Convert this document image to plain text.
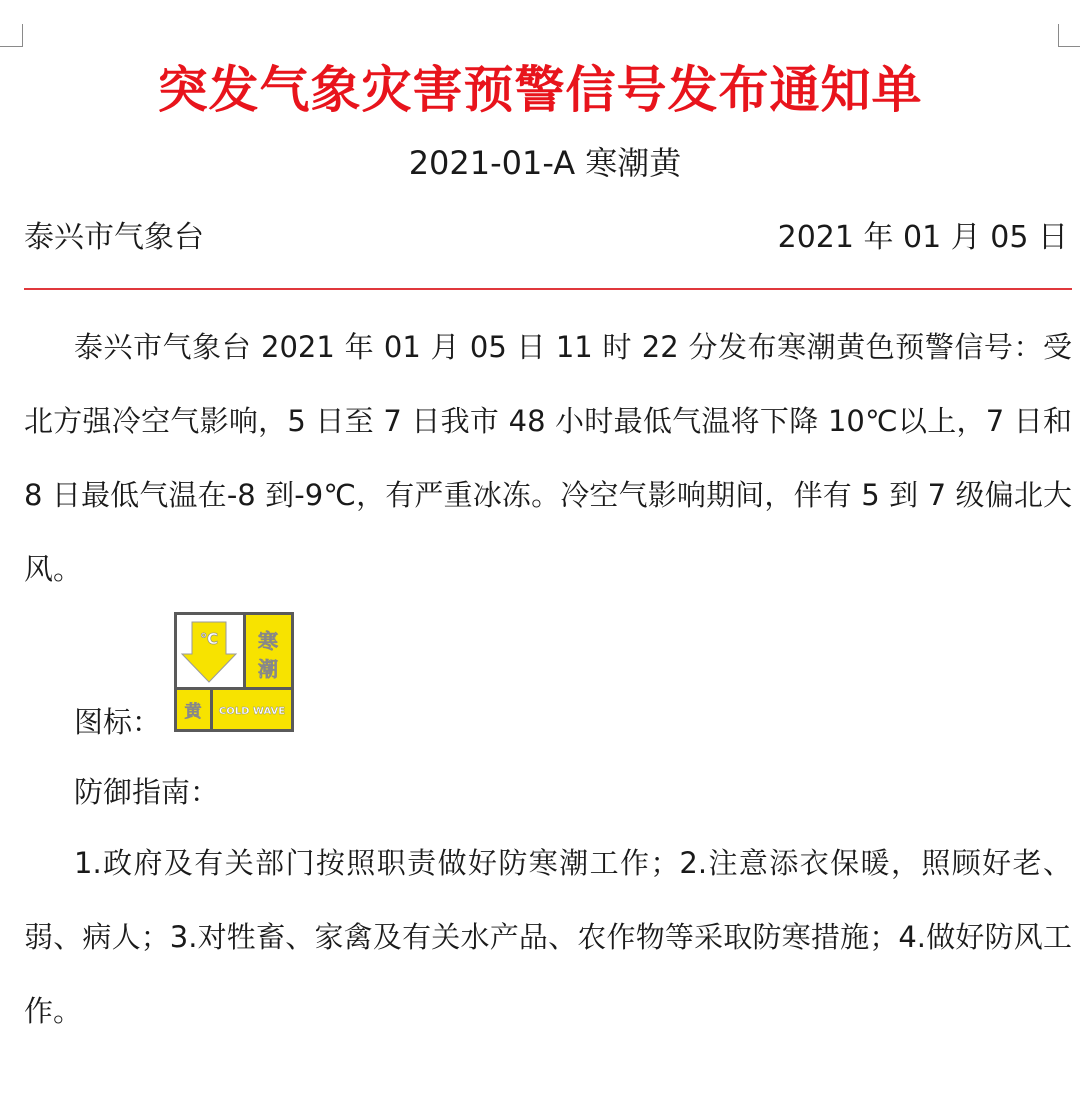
突发气象灾害预警信号发布通知单
2021-01-A 寒潮黄
泰兴市气象台	2021 年 01 月 05 日

泰兴市气象台 2021 年 01 月 05 日 11 时 22 分发布寒潮黄色预警信号：受北方强冷空气影响，5 日至 7 日我市 48 小时最低气温将下降 10℃以上，7 日和 8 日最低气温在-8 到-9℃，有严重冰冻。冷空气影响期间，伴有 5 到 7 级偏北大风。

图标：
℃ 寒
潮
黄 COLD WAVE
防御指南：

1.政府及有关部门按照职责做好防寒潮工作；2.注意添衣保暖，照顾好老、弱、病人；3.对牲畜、家禽及有关水产品、农作物等采取防寒措施；4.做好防风工作。
